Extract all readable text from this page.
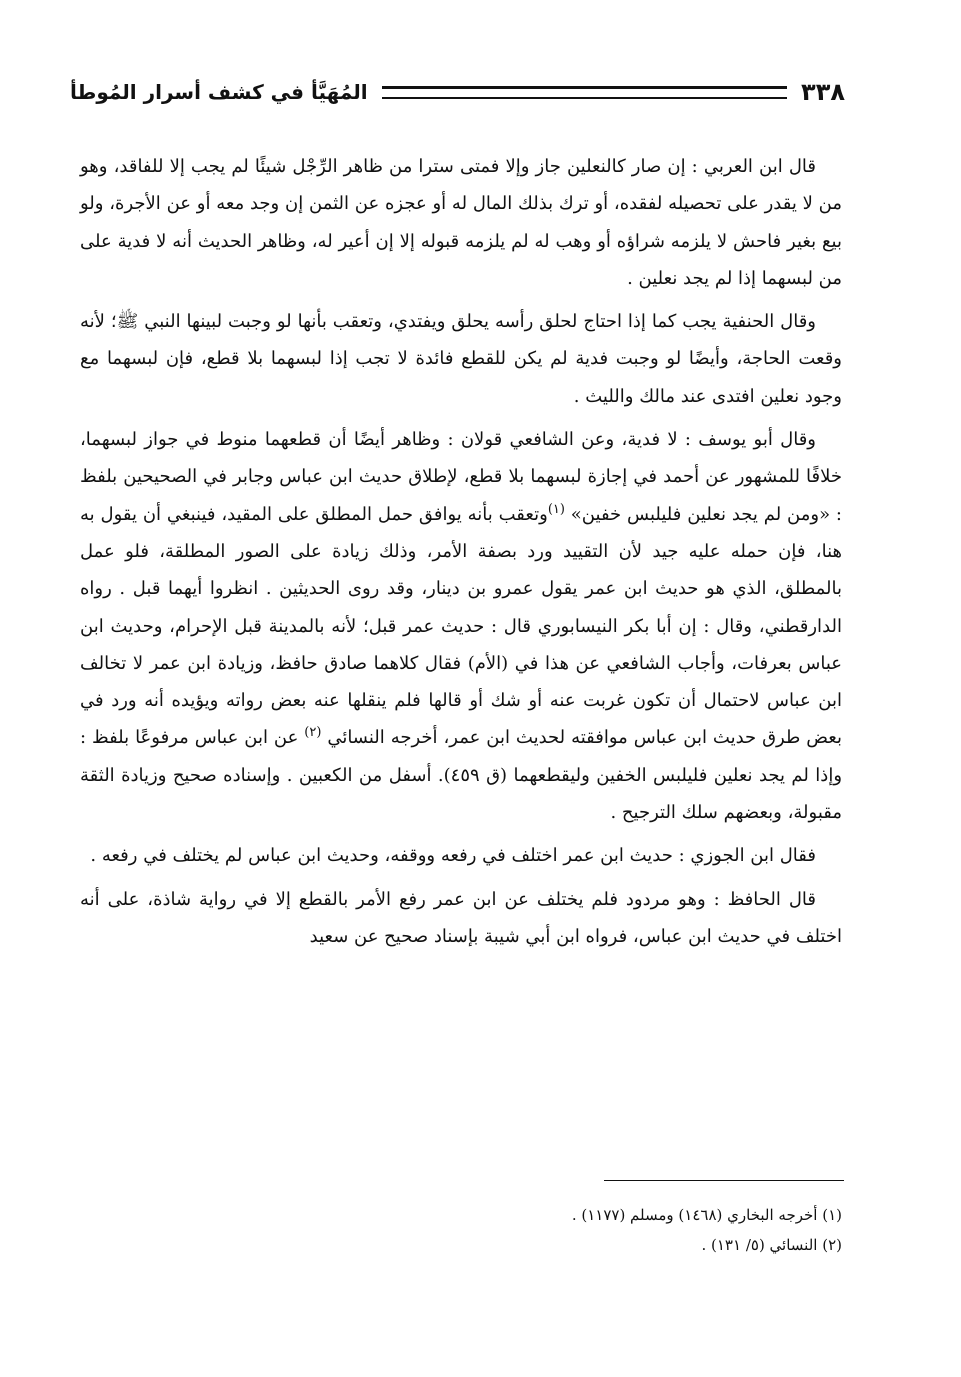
٣٣٨
المُهَيَّأ في كشف أسرار المُوطأ

قال ابن العربي : إن صار كالنعلين جاز وإلا فمتى سترا من ظاهر الرِّجْل شيئًا لم يجب إلا للفاقد، وهو من لا يقدر على تحصيله لفقده، أو ترك بذلك المال له أو عجزه عن الثمن إن وجد معه أو عن الأجرة، ولو بيع بغير فاحش لا يلزمه شراؤه أو وهب له لم يلزمه قبوله إلا إن أعير له، وظاهر الحديث أنه لا فدية على من لبسهما إذا لم يجد نعلين .

وقال الحنفية يجب كما إذا احتاج لحلق رأسه يحلق ويفتدي، وتعقب بأنها لو وجبت لبينها النبي ﷺ؛ لأنه وقعت الحاجة، وأيضًا لو وجبت فدية لم يكن للقطع فائدة لا تجب إذا لبسهما بلا قطع، فإن لبسهما مع وجود نعلين افتدى عند مالك والليث .

وقال أبو يوسف : لا فدية، وعن الشافعي قولان : وظاهر أيضًا أن قطعهما منوط في جواز لبسهما، خلافًا للمشهور عن أحمد في إجازة لبسهما بلا قطع، لإطلاق حديث ابن عباس وجابر في الصحيحين بلفظ : «ومن لم يجد نعلين فليلبس خفين» $^{(١)}$وتعقب بأنه يوافق حمل المطلق على المقيد، فينبغي أن يقول به هنا، فإن حمله عليه جيد لأن التقييد ورد بصفة الأمر، وذلك زيادة على الصور المطلقة، فلو عمل بالمطلق، الذي هو حديث ابن عمر يقول عمرو بن دينار، وقد روى الحديثين . انظروا أيهما قبل . رواه الدارقطني، وقال : إن أبا بكر النيسابوري قال : حديث عمر قبل؛ لأنه بالمدينة قبل الإحرام، وحديث ابن عباس بعرفات، وأجاب الشافعي عن هذا في (الأم) فقال كلاهما صادق حافظ، وزيادة ابن عمر لا تخالف ابن عباس لاحتمال أن تكون غربت عنه أو شك أو قالها فلم ينقلها عنه بعض رواته ويؤيده أنه ورد في بعض طرق حديث ابن عباس موافقته لحديث ابن عمر، أخرجه النسائي $^{(٢)}$ عن ابن عباس مرفوعًا بلفظ : وإذا لم يجد نعلين فليلبس الخفين وليقطعهما (ق ٤٥٩). أسفل من الكعبين . وإسناده صحيح وزيادة الثقة مقبولة، وبعضهم سلك الترجيح .

فقال ابن الجوزي : حديث ابن عمر اختلف في رفعه ووقفه، وحديث ابن عباس لم يختلف في رفعه .

قال الحافظ : وهو مردود فلم يختلف عن ابن عمر رفع الأمر بالقطع إلا في رواية شاذة، على أنه اختلف في حديث ابن عباس، فرواه ابن أبي شيبة بإسناد صحيح عن سعيد

(١) أخرجه البخاري (١٤٦٨) ومسلم (١١٧٧) .

(٢) النسائي (٥/ ١٣١) .
